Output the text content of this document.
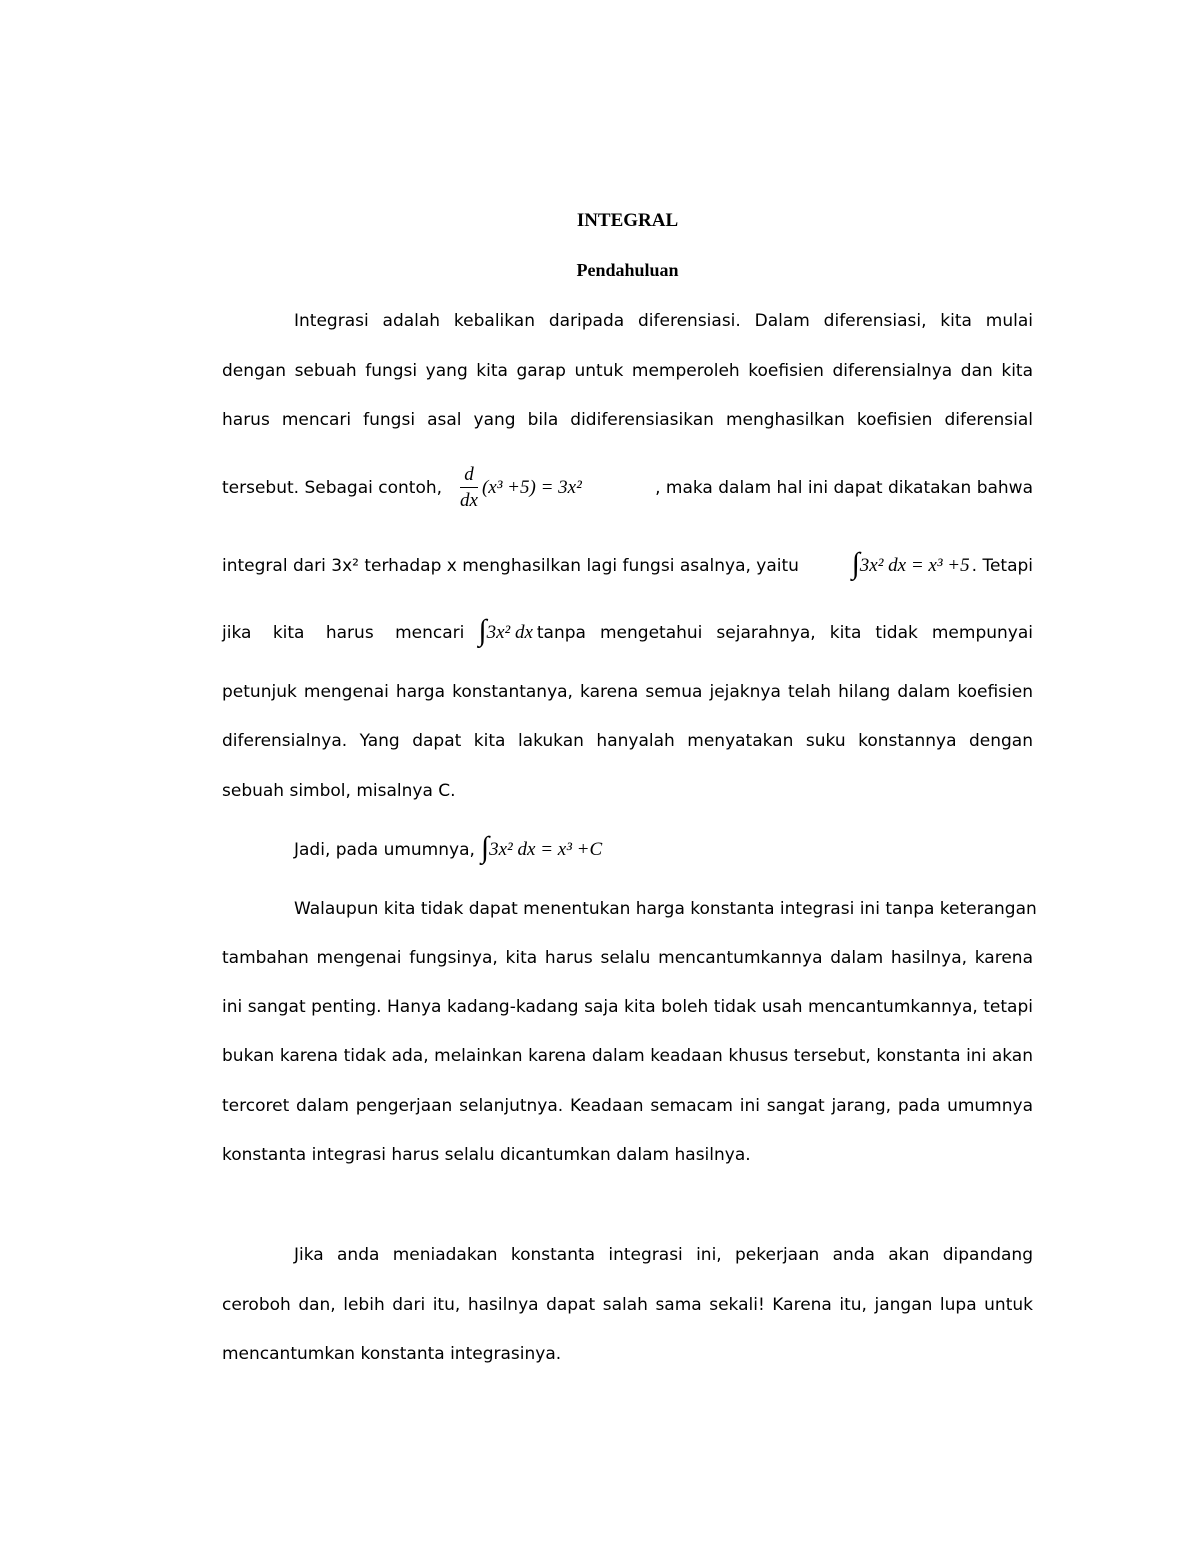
INTEGRAL
Pendahuluan
Integrasi adalah kebalikan daripada diferensiasi. Dalam diferensiasi, kita mulai
dengan sebuah fungsi yang kita garap untuk memperoleh koefisien diferensialnya dan kita
harus mencari fungsi asal yang bila didiferensiasikan menghasilkan koefisien diferensial
tersebut. Sebagai contoh, $\frac{d}{dx} (x^3 +5) = 3x^2$	, maka dalam hal ini dapat dikatakan bahwa
integral dari 3x² terhadap x menghasilkan lagi fungsi asalnya, yaitu ∫ 3x² dx = x³ +5 . Tetapi
jika kita harus mencari ∫ 3x² dx tanpa mengetahui sejarahnya, kita tidak mempunyai
petunjuk mengenai harga konstantanya, karena semua jejaknya telah hilang dalam koefisien
diferensialnya. Yang dapat kita lakukan hanyalah menyatakan suku konstannya dengan
sebuah simbol, misalnya C.
Jadi, pada umumnya, ∫ 3x² dx = x³ +C
Walaupun kita tidak dapat menentukan harga konstanta integrasi ini tanpa keterangan
tambahan mengenai fungsinya, kita harus selalu mencantumkannya dalam hasilnya, karena
ini sangat penting. Hanya kadang-kadang saja kita boleh tidak usah mencantumkannya, tetapi
bukan karena tidak ada, melainkan karena dalam keadaan khusus tersebut, konstanta ini akan
tercoret dalam pengerjaan selanjutnya. Keadaan semacam ini sangat jarang, pada umumnya
konstanta integrasi harus selalu dicantumkan dalam hasilnya.
Jika anda meniadakan konstanta integrasi ini, pekerjaan anda akan dipandang
ceroboh dan, lebih dari itu, hasilnya dapat salah sama sekali! Karena itu, jangan lupa untuk
mencantumkan konstanta integrasinya.
